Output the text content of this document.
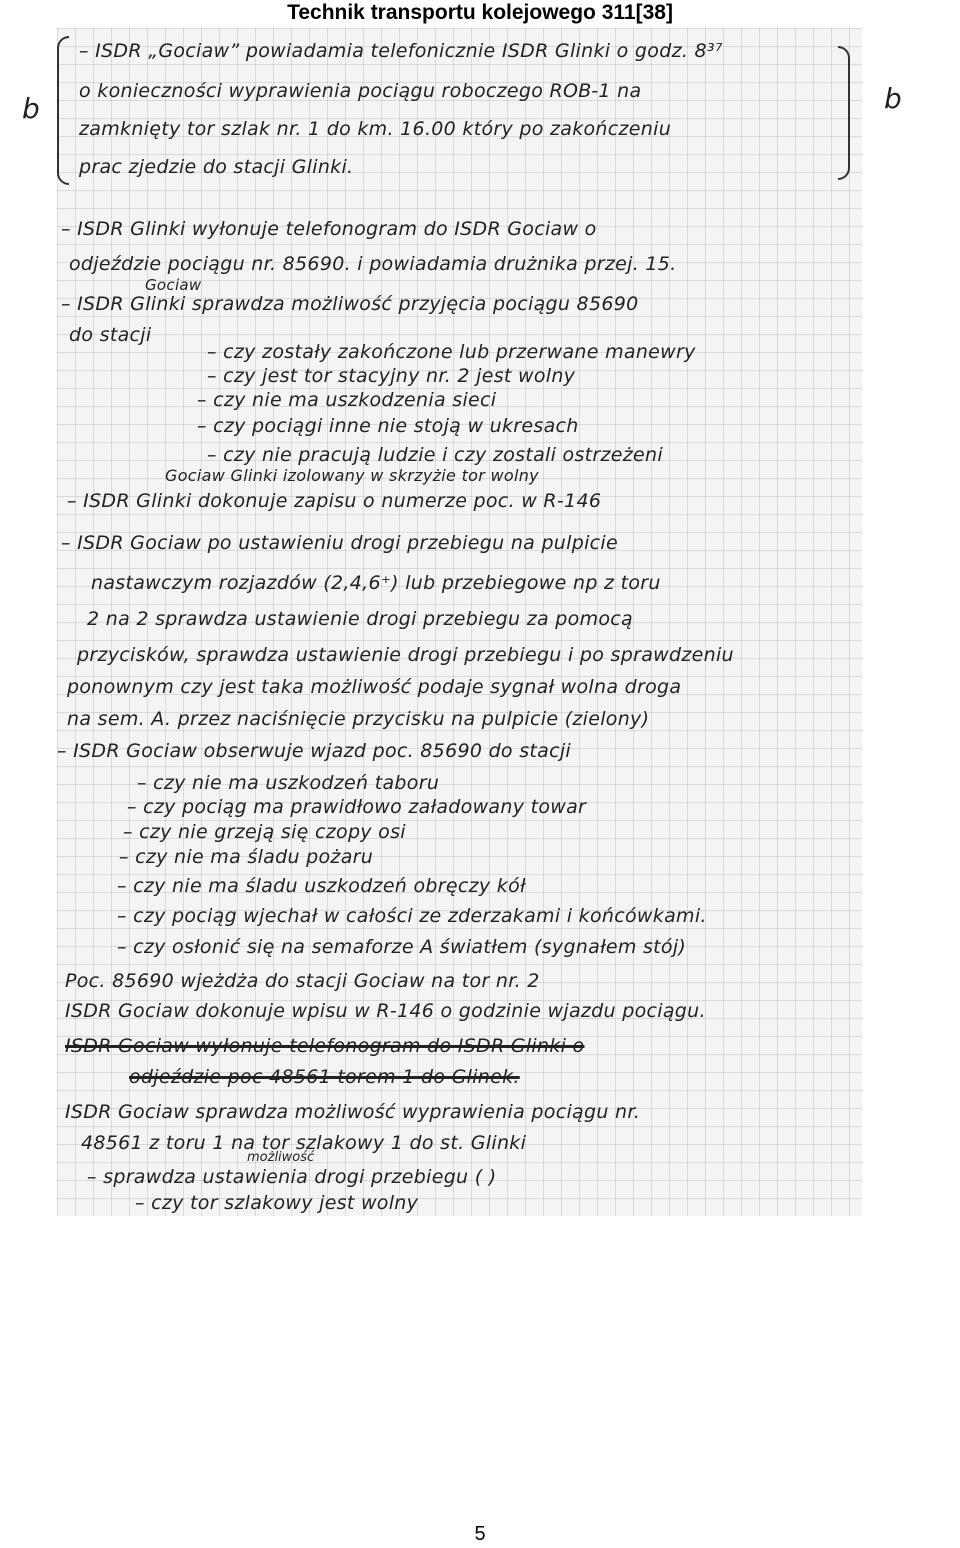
Technik transportu kolejowego 311[38]
– ISDR „Gociaw” powiadamia telefonicznie ISDR Glinki o godz. 8³⁷
o konieczności wyprawienia pociągu roboczego ROB-1 na
zamknięty tor szlak nr. 1 do km. 16.00 który po zakończeniu
prac zjedzie do stacji Glinki.
– ISDR Glinki wyłonuje telefonogram do ISDR Gociaw o
odjeździe pociągu nr. 85690. i powiadamia drużnika przej. 15.
Gociaw
– ISDR Glinki sprawdza możliwość przyjęcia pociągu 85690
do stacji
– czy zostały zakończone lub przerwane manewry
– czy jest tor stacyjny nr. 2 jest wolny
– czy nie ma uszkodzenia sieci
– czy pociągi inne nie stoją w ukresach
– czy nie pracują ludzie i czy zostali ostrzeżeni
Gociaw Glinki izolowany w skrzyżie tor wolny
– ISDR Glinki dokonuje zapisu o numerze poc. w R-146
– ISDR Gociaw po ustawieniu drogi przebiegu na pulpicie
nastawczym rozjazdów (2,4,6⁺) lub przebiegowe np z toru
2 na 2 sprawdza ustawienie drogi przebiegu za pomocą
przycisków, sprawdza ustawienie drogi przebiegu i po sprawdzeniu
ponownym czy jest taka możliwość podaje sygnał wolna droga
na sem. A. przez naciśnięcie przycisku na pulpicie (zielony)
– ISDR Gociaw obserwuje wjazd poc. 85690 do stacji
– czy nie ma uszkodzeń taboru
– czy pociąg ma prawidłowo załadowany towar
– czy nie grzeją się czopy osi
– czy nie ma śladu pożaru
– czy nie ma śladu uszkodzeń obręczy kół
– czy pociąg wjechał w całości ze zderzakami i końcówkami.
– czy osłonić się na semaforze A światłem (sygnałem stój)
Poc. 85690 wjeżdża do stacji Gociaw na tor nr. 2
ISDR Gociaw dokonuje wpisu w R-146 o godzinie wjazdu pociągu.
ISDR Gociaw wyłonuje telefonogram do ISDR Glinki o
odjeździe poc 48561 torem 1 do Glinek.
ISDR Gociaw sprawdza możliwość wyprawienia pociągu nr.
48561 z toru 1 na tor szlakowy 1 do st. Glinki
możliwość
– sprawdza ustawienia drogi przebiegu ( )
– czy tor szlakowy jest wolny
b	b
5
